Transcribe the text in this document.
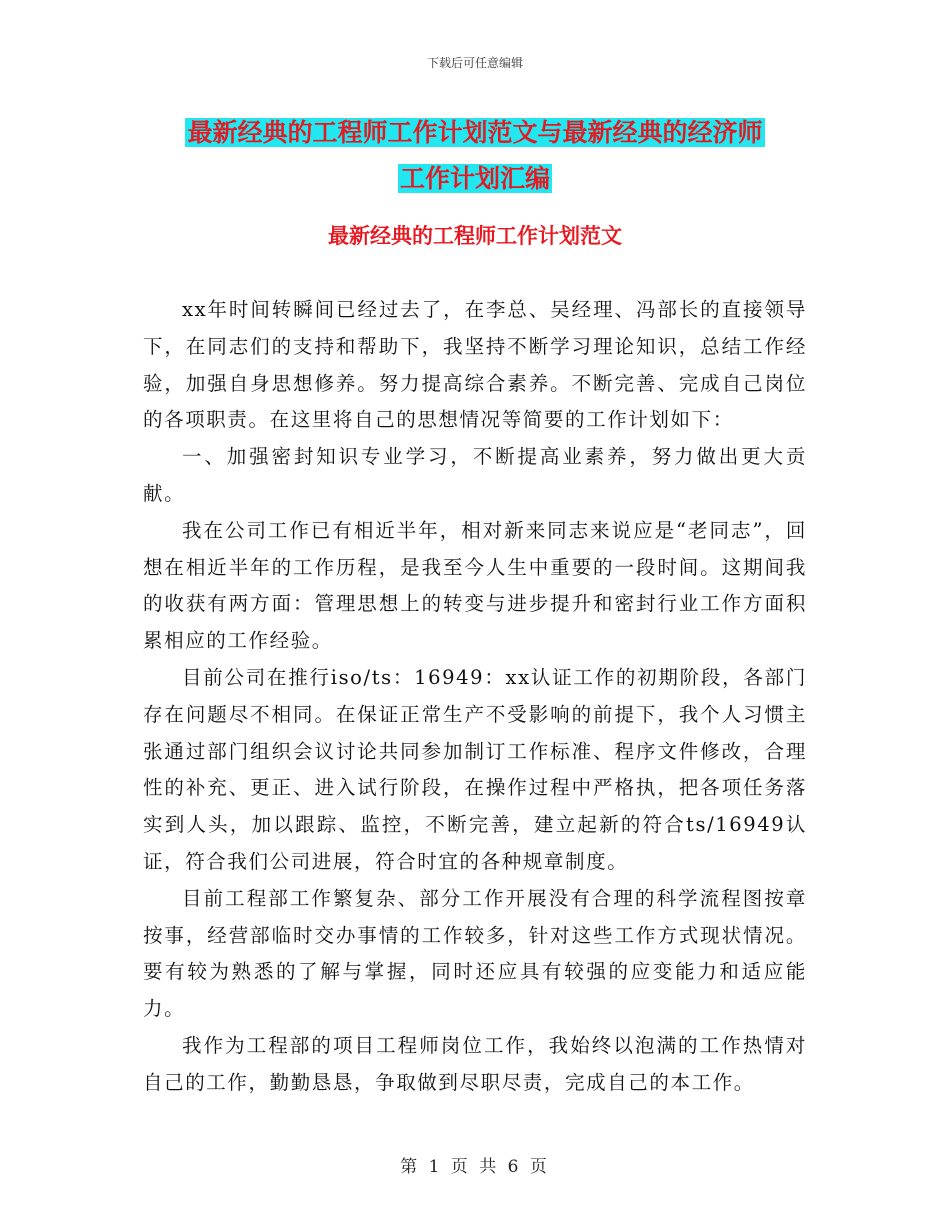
下载后可任意编辑
最新经典的工程师工作计划范文与最新经典的经济师
工作计划汇编
最新经典的工程师工作计划范文

xx年时间转瞬间已经过去了，在李总、吴经理、冯部长的直接领导下，在同志们的支持和帮助下，我坚持不断学习理论知识，总结工作经验，加强自身思想修养。努力提高综合素养。不断完善、完成自己岗位的各项职责。在这里将自己的思想情况等简要的工作计划如下：

一、加强密封知识专业学习，不断提高业素养，努力做出更大贡献。

我在公司工作已有相近半年，相对新来同志来说应是“老同志”，回想在相近半年的工作历程，是我至今人生中重要的一段时间。这期间我的收获有两方面：管理思想上的转变与进步提升和密封行业工作方面积累相应的工作经验。

目前公司在推行iso/ts：16949：xx认证工作的初期阶段，各部门存在问题尽不相同。在保证正常生产不受影响的前提下，我个人习惯主张通过部门组织会议讨论共同参加制订工作标准、程序文件修改，合理性的补充、更正、进入试行阶段，在操作过程中严格执，把各项任务落实到人头，加以跟踪、监控，不断完善，建立起新的符合ts/16949认证，符合我们公司进展，符合时宜的各种规章制度。

目前工程部工作繁复杂、部分工作开展没有合理的科学流程图按章按事，经营部临时交办事情的工作较多，针对这些工作方式现状情况。要有较为熟悉的了解与掌握，同时还应具有较强的应变能力和适应能力。

我作为工程部的项目工程师岗位工作，我始终以泡满的工作热情对自己的工作，勤勤恳恳，争取做到尽职尽责，完成自己的本工作。

第 1 页 共 6 页
